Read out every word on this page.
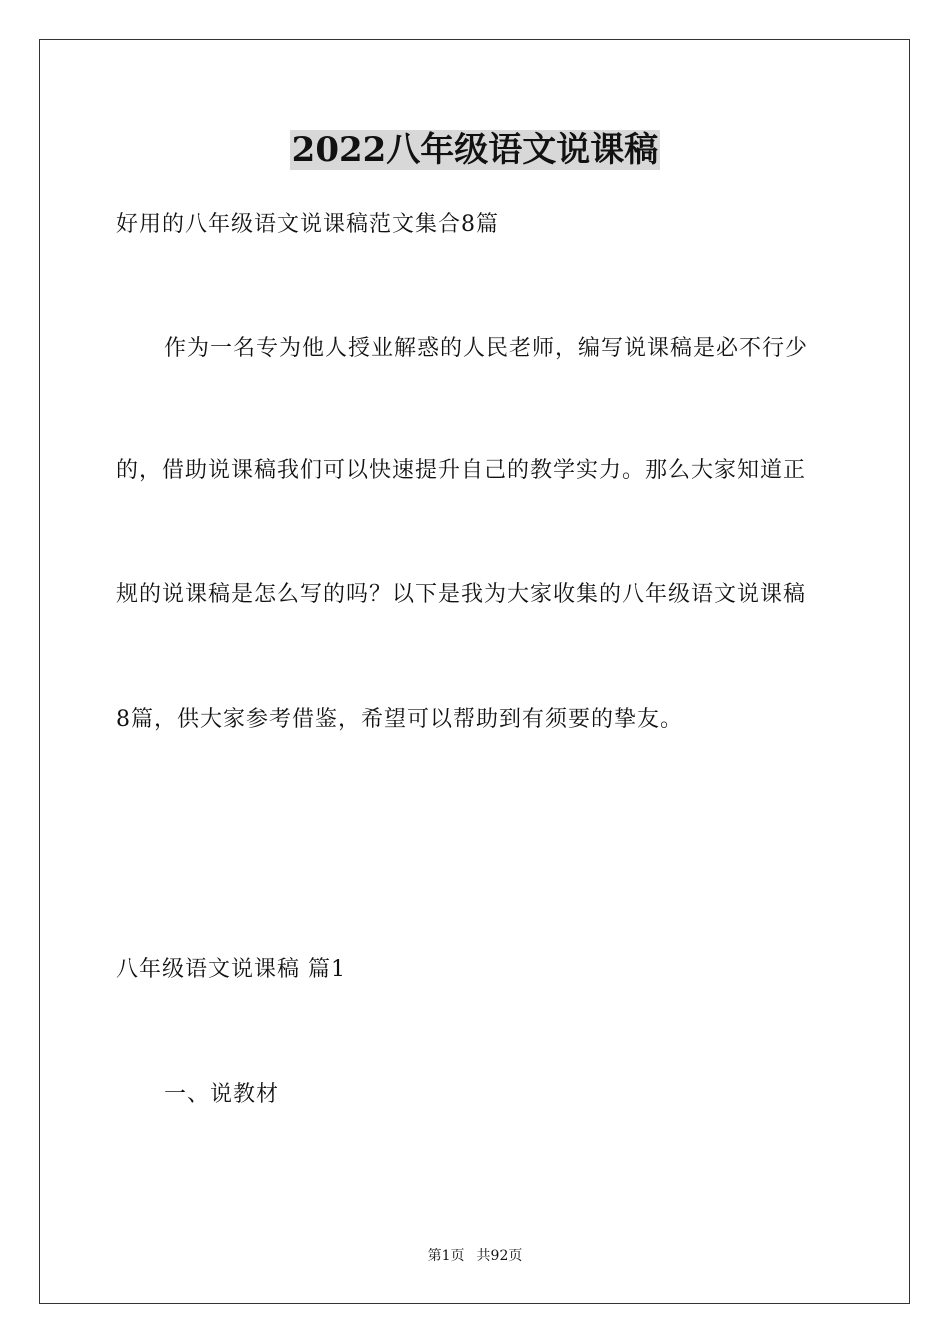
2022八年级语文说课稿
好用的八年级语文说课稿范文集合8篇
作为一名专为他人授业解惑的人民老师，编写说课稿是必不行少
的，借助说课稿我们可以快速提升自己的教学实力。那么大家知道正
规的说课稿是怎么写的吗？以下是我为大家收集的八年级语文说课稿
8篇，供大家参考借鉴，希望可以帮助到有须要的挚友。
八年级语文说课稿 篇1
一、说教材
第1页 共92页
